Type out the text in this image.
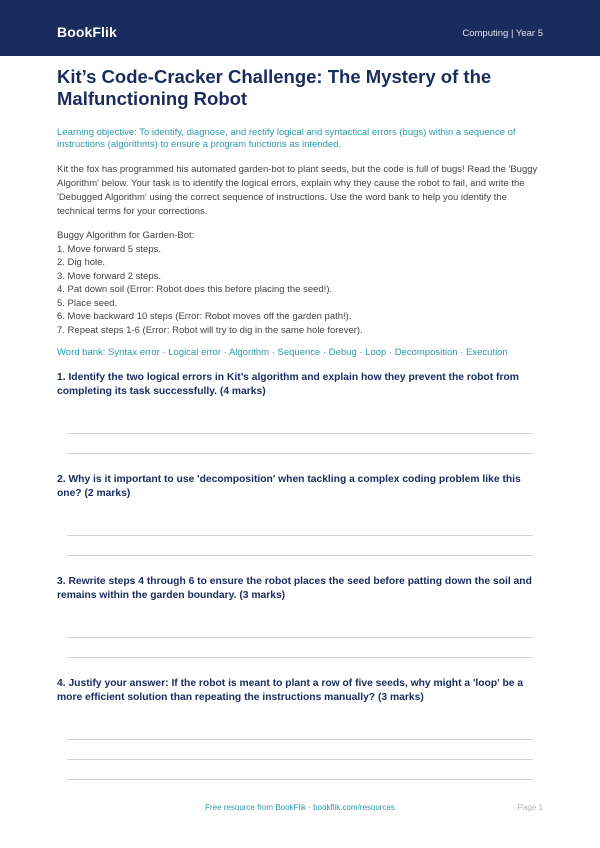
BookFlik	Computing | Year 5
Kit’s Code-Cracker Challenge: The Mystery of the Malfunctioning Robot

Learning objective: To identify, diagnose, and rectify logical and syntactical errors (bugs) within a sequence of instructions (algorithms) to ensure a program functions as intended.

Kit the fox has programmed his automated garden-bot to plant seeds, but the code is full of bugs! Read the 'Buggy Algorithm' below. Your task is to identify the logical errors, explain why they cause the robot to fail, and write the 'Debugged Algorithm' using the correct sequence of instructions. Use the word bank to help you identify the technical terms for your corrections.

Buggy Algorithm for Garden-Bot:

1. Move forward 5 steps.
2. Dig hole.
3. Move forward 2 steps.
4. Pat down soil (Error: Robot does this before placing the seed!).
5. Place seed.
6. Move backward 10 steps (Error: Robot moves off the garden path!).
7. Repeat steps 1-6 (Error: Robot will try to dig in the same hole forever).

Word bank: Syntax error · Logical error · Algorithm · Sequence · Debug · Loop · Decomposition · Execution

1. Identify the two logical errors in Kit’s algorithm and explain how they prevent the robot from completing its task successfully. (4 marks)
2. Why is it important to use 'decomposition' when tackling a complex coding problem like this one? (2 marks)
3. Rewrite steps 4 through 6 to ensure the robot places the seed before patting down the soil and remains within the garden boundary. (3 marks)
4. Justify your answer: If the robot is meant to plant a row of five seeds, why might a 'loop' be a more efficient solution than repeating the instructions manually? (3 marks)
Free resource from BookFlik · bookflik.com/resources	Page 1
